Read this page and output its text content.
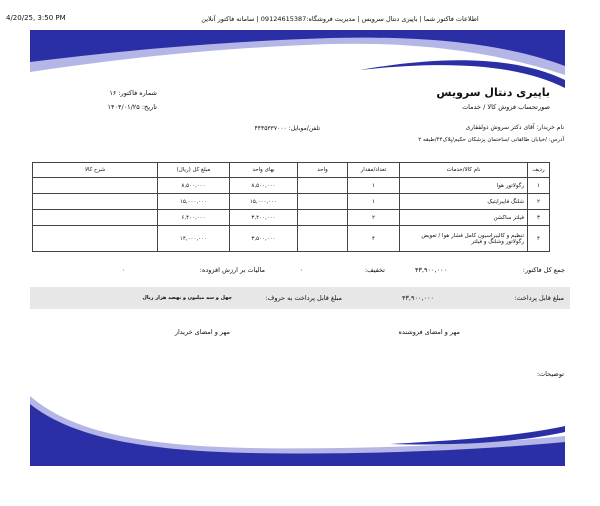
4/20/25, 3:50 PM	اطلاعات فاکتور شما | باپیری دنتال سرویس | مدیریت فروشگاه:09124615387 | سامانه فاکتور آنلاین
باپیری دنتال سرویس
صورتحساب فروش کالا / خدمات
شماره فاکتور: ۱۶
تاریخ: ۱۴۰۴/۰۱/۲۵
نام خریدار: آقای دکتر سروش ذولفقاری
تلفن/موبایل: ۴۴۴۵۳۳۷۰۰۰
آدرس: /خیابان طالقانی /ساختمان پزشکان حکیم/پلاک۴۴/طبقه ۲
ردیف	نام کالا/خدمات	تعداد/مقدار	واحد	بهای واحد	مبلغ کل (ریال)	شرح کالا
۱	رگولاتور هوا	۱		۸,۵۰۰,۰۰۰	۸,۵۰۰,۰۰۰	
۲	شلنگ فایبرایتیک	۱		۱۵,۰۰۰,۰۰۰	۱۵,۰۰۰,۰۰۰	
۳	فیلتر ساکشن	۲		۳,۲۰۰,۰۰۰	۶,۴۰۰,۰۰۰	
۴	تنظیم و کالیبراسیون کامل فشار هوا / تعویض رگولاتور وشلنگ و فیلتر	۴		۳,۵۰۰,۰۰۰	۱۴,۰۰۰,۰۰۰	
جمع کل فاکتور:
۴۳,۹۰۰,۰۰۰
تخفیف:
۰
مالیات بر ارزش افزوده:
۰
مبلغ قابل پرداخت:
۴۳,۹۰۰,۰۰۰
مبلغ قابل پرداخت به حروف:
چهل و سه میلیون و نهصد هزار ریال
مهر و امضای فروشنده
مهر و امضای خریدار
توضیحات:
